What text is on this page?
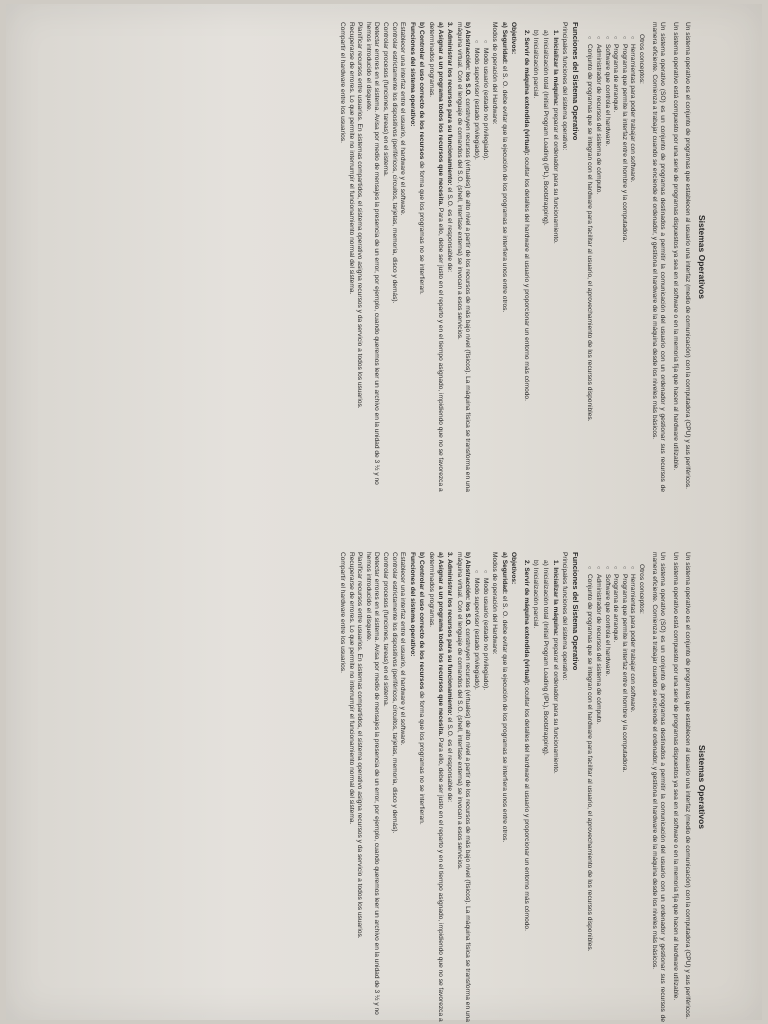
Sistemas Operativos

Un sistema operativo es el conjunto de programas que establecen al usuario una interfaz (medio de comunicación) con la computadora (CPU) y sus periféricos.

Un sistema operativo está compuesto por una serie de programas dispuestos ya sea en el software o en la memoria fija que hacen al hardware utilizable.

Un sistema operativo (SO) es un conjunto de programas destinados a permitir la comunicación del usuario con un ordenador y gestionar sus recursos de manera eficiente. Comienza a trabajar cuando se enciende el ordenador, y gestiona el hardware de la máquina desde los niveles más básicos.

Otros conceptos:
○ Herramientas para poder trabajar con software.
○ Programa que permite la interfaz entre el hombre y la computadora.
○ Programa de arranque.
○ Software que controla el hardware.
○ Administrador de recursos del sistema de cómputo.
○ Conjunto de programas que se integran con el hardware para facilitar al usuario, el aprovechamiento de los recursos disponibles.
Funciones del Sistema Operativo
Principales funciones del sistema operativo:
1. Inicializar la máquina: preparar el ordenador para su funcionamiento.
a) Inicialización total (Initial Program Loading (IPL), Bootstrapping).
b) Inicialización parcial.
2. Servir de máquina extendida (virtual): ocultar los detalles del hardware al usuario y proporcionar un entorno más cómodo.
Objetivos:
a) Seguridad: el S. O. debe evitar que la ejecución de los programas se interfiera unos entre otros.
Modos de operación del Hardware:
○ Modo usuario (estado no privilegiado).
○ Modo supervisor (estado privilegiado).
b) Abstracción: los S.O. construyen recursos (virtuales) de alto nivel a partir de los recursos de más bajo nivel (físicos). La máquina física se transforma en una máquina virtual. Con el lenguaje de comandos del S.O. (shell, interfase externa) se invocan a esos servicios.
3. Administrar los recursos para su funcionamiento: el S.O. es el responsable de:
a) Asignar a un programa todos los recursos que necesita. Para ello, debe ser justo en el reparto y en el tiempo asignado, impidiendo que no se favorezca a determinados programas.
b) Controlar el uso correcto de los recursos de forma que los programas no se interfieran.
Funciones del sistema operativo:
Establecer una interfaz entre el usuario, el hardware y el software.
Controlar estrictamente los dispositivos (periféricos, circuitos, tarjetas, memoria, disco y demás).
Controlar procesos (funciones, tareas) en el sistema.
Detectar errores en el sistema. Avisa por medio de mensajes la presencia de un error, por ejemplo, cuando queremos leer un archivo en la unidad de 3 ½ y no hemos introducido el disquete.
Planificar recursos entre usuarios. En sistemas compartidos, el sistema operativo asigna recursos y da servicio a todos los usuarios.
Recuperarse de errores. Lo que permite no interrumpir el funcionamiento normal del sistema.
Compartir el hardware entre los usuarios.
Sistemas Operativos

Un sistema operativo es el conjunto de programas que establecen al usuario una interfaz (medio de comunicación) con la computadora (CPU) y sus periféricos.

Un sistema operativo está compuesto por una serie de programas dispuestos ya sea en el software o en la memoria fija que hacen al hardware utilizable.

Un sistema operativo (SO) es un conjunto de programas destinados a permitir la comunicación del usuario con un ordenador y gestionar sus recursos de manera eficiente. Comienza a trabajar cuando se enciende el ordenador, y gestiona el hardware de la máquina desde los niveles más básicos.

Otros conceptos:
○ Herramientas para poder trabajar con software.
○ Programa que permite la interfaz entre el hombre y la computadora.
○ Programa de arranque.
○ Software que controla el hardware.
○ Administrador de recursos del sistema de cómputo.
○ Conjunto de programas que se integran con el hardware para facilitar al usuario, el aprovechamiento de los recursos disponibles.
Funciones del Sistema Operativo
Principales funciones del sistema operativo:
1. Inicializar la máquina: preparar el ordenador para su funcionamiento.
a) Inicialización total (Initial Program Loading (IPL), Bootstrapping).
b) Inicialización parcial.
2. Servir de máquina extendida (virtual): ocultar los detalles del hardware al usuario y proporcionar un entorno más cómodo.
Objetivos:
a) Seguridad: el S. O. debe evitar que la ejecución de los programas se interfiera unos entre otros.
Modos de operación del Hardware:
○ Modo usuario (estado no privilegiado).
○ Modo supervisor (estado privilegiado).
b) Abstracción: los S.O. construyen recursos (virtuales) de alto nivel a partir de los recursos de más bajo nivel (físicos). La máquina física se transforma en una máquina virtual. Con el lenguaje de comandos del S.O. (shell, interfase externa) se invocan a esos servicios.
3. Administrar los recursos para su funcionamiento: el S.O. es el responsable de:
a) Asignar a un programa todos los recursos que necesita. Para ello, debe ser justo en el reparto y en el tiempo asignado, impidiendo que no se favorezca a determinados programas.
b) Controlar el uso correcto de los recursos de forma que los programas no se interfieran.
Funciones del sistema operativo:
Establecer una interfaz entre el usuario, el hardware y el software.
Controlar estrictamente los dispositivos (periféricos, circuitos, tarjetas, memoria, disco y demás).
Controlar procesos (funciones, tareas) en el sistema.
Detectar errores en el sistema. Avisa por medio de mensajes la presencia de un error, por ejemplo, cuando queremos leer un archivo en la unidad de 3 ½ y no hemos introducido el disquete.
Planificar recursos entre usuarios. En sistemas compartidos, el sistema operativo asigna recursos y da servicio a todos los usuarios.
Recuperarse de errores. Lo que permite no interrumpir el funcionamiento normal del sistema.
Compartir el hardware entre los usuarios.
